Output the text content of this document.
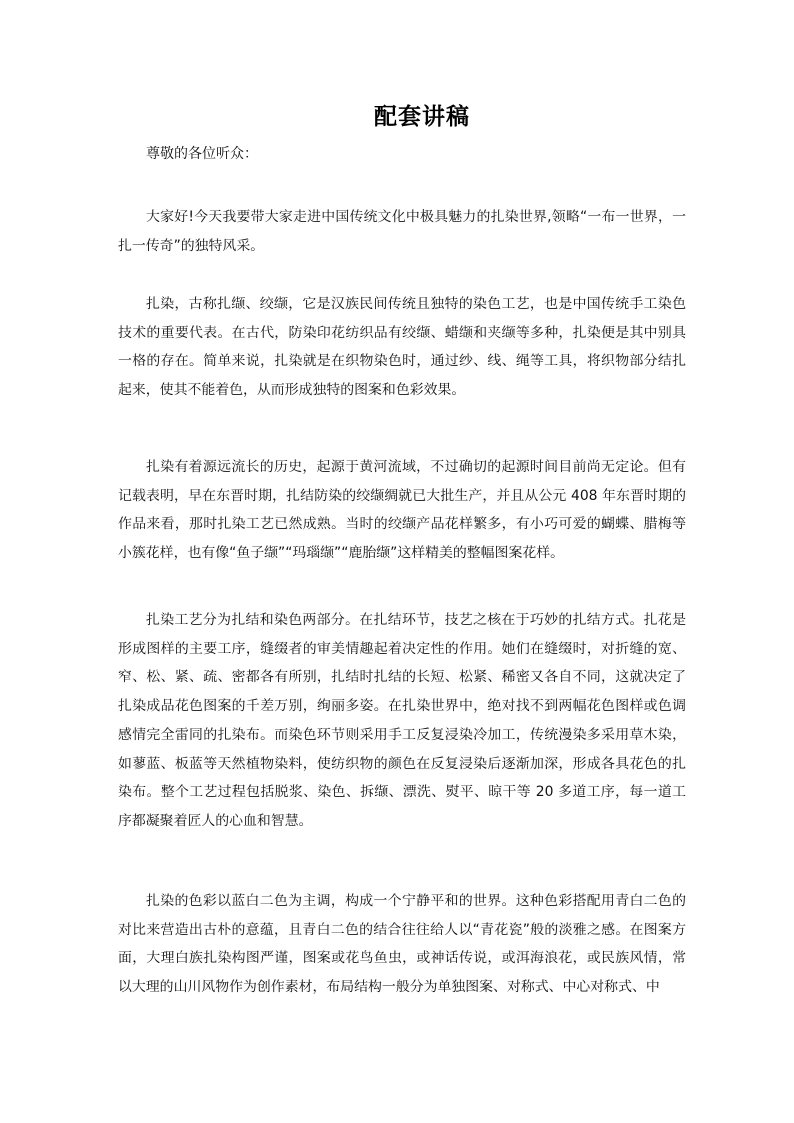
配套讲稿
尊敬的各位听众：

大家好!今天我要带大家走进中国传统文化中极具魅力的扎染世界,领略“一布一世界，一扎一传奇”的独特风采。

扎染，古称扎缬、绞缬，它是汉族民间传统且独特的染色工艺，也是中国传统手工染色技术的重要代表。在古代，防染印花纺织品有绞缬、蜡缬和夹缬等多种，扎染便是其中别具一格的存在。简单来说，扎染就是在织物染色时，通过纱、线、绳等工具，将织物部分结扎起来，使其不能着色，从而形成独特的图案和色彩效果。

扎染有着源远流长的历史，起源于黄河流域，不过确切的起源时间目前尚无定论。但有记载表明，早在东晋时期，扎结防染的绞缬绸就已大批生产，并且从公元 408 年东晋时期的作品来看，那时扎染工艺已然成熟。当时的绞缬产品花样繁多，有小巧可爱的蝴蝶、腊梅等小簇花样，也有像“鱼子缬”“玛瑙缬”“鹿胎缬”这样精美的整幅图案花样。

扎染工艺分为扎结和染色两部分。在扎结环节，技艺之核在于巧妙的扎结方式。扎花是形成图样的主要工序，缝缀者的审美情趣起着决定性的作用。她们在缝缀时，对折缝的宽、窄、松、紧、疏、密都各有所别，扎结时扎结的长短、松紧、稀密又各自不同，这就决定了扎染成品花色图案的千差万别，绚丽多姿。在扎染世界中，绝对找不到两幅花色图样或色调感情完全雷同的扎染布。而染色环节则采用手工反复浸染冷加工，传统漫染多采用草木染，如蓼蓝、板蓝等天然植物染料，使纺织物的颜色在反复浸染后逐渐加深，形成各具花色的扎染布。整个工艺过程包括脱浆、染色、拆缬、漂洗、熨平、晾干等 20 多道工序，每一道工序都凝聚着匠人的心血和智慧。

扎染的色彩以蓝白二色为主调，构成一个宁静平和的世界。这种色彩搭配用青白二色的对比来营造出古朴的意蕴，且青白二色的结合往往给人以“青花瓷”般的淡雅之感。在图案方面，大理白族扎染构图严谨，图案或花鸟鱼虫，或神话传说，或洱海浪花，或民族风情，常以大理的山川风物作为创作素材，布局结构一般分为单独图案、对称式、中心对称式、中
